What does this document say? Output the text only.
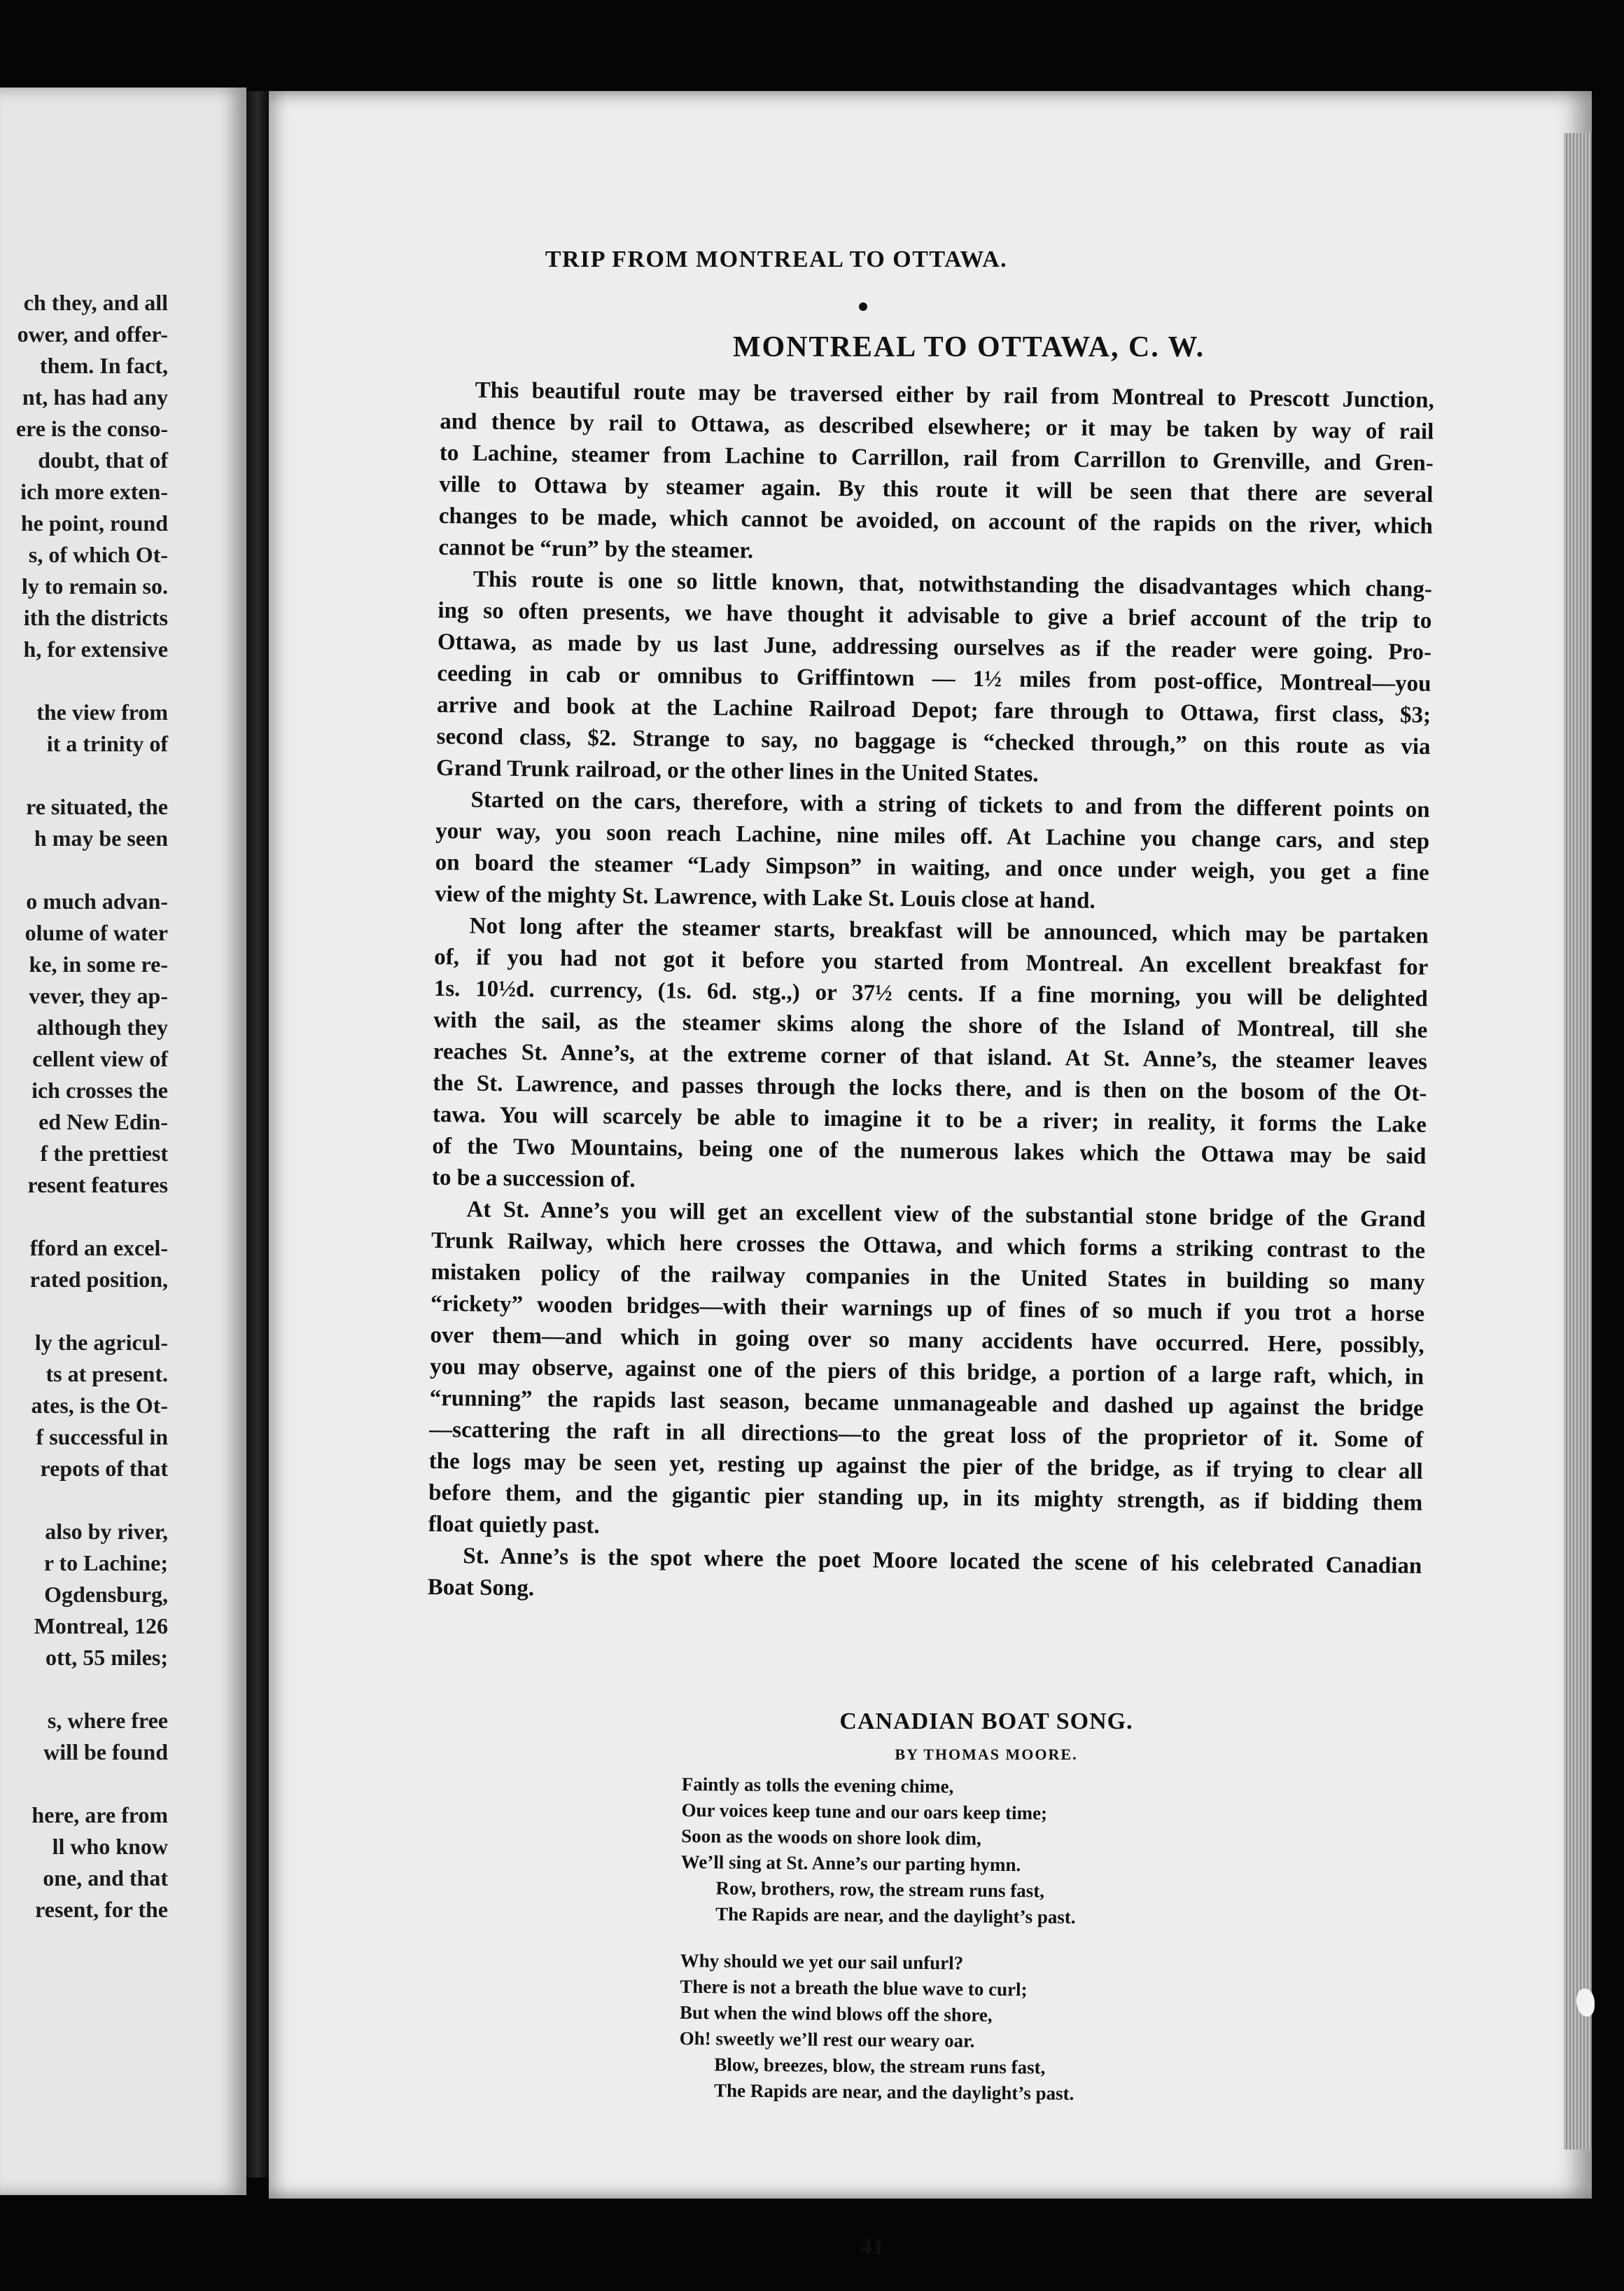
ch they, and all
ower, and offer-
them. In fact,
nt, has had any
ere is the conso-
doubt, that of
ich more exten-
he point, round
s, of which Ot-
ly to remain so.
ith the districts
h, for extensive
the view from
it a trinity of
re situated, the
h may be seen
o much advan-
olume of water
ke, in some re-
vever, they ap-
although they
cellent view of
ich crosses the
ed New Edin-
f the prettiest
resent features
fford an excel-
rated position,
ly the agricul-
ts at present.
ates, is the Ot-
f successful in
repots of that
also by river,
r to Lachine;
Ogdensburg,
Montreal, 126
ott, 55 miles;
s, where free
will be found
here, are from
ll who know
one, and that
resent, for the
TRIP FROM MONTREAL TO OTTAWA.
MONTREAL TO OTTAWA, C. W.
This beautiful route may be traversed either by rail from Montreal to Prescott Junction,
and thence by rail to Ottawa, as described elsewhere; or it may be taken by way of rail
to Lachine, steamer from Lachine to Carrillon, rail from Carrillon to Grenville, and Gren-
ville to Ottawa by steamer again. By this route it will be seen that there are several
changes to be made, which cannot be avoided, on account of the rapids on the river, which
cannot be “run” by the steamer.
This route is one so little known, that, notwithstanding the disadvantages which chang-
ing so often presents, we have thought it advisable to give a brief account of the trip to
Ottawa, as made by us last June, addressing ourselves as if the reader were going. Pro-
ceeding in cab or omnibus to Griffintown — 1½ miles from post-office, Montreal—you
arrive and book at the Lachine Railroad Depot; fare through to Ottawa, first class, $3;
second class, $2. Strange to say, no baggage is “checked through,” on this route as via
Grand Trunk railroad, or the other lines in the United States.
Started on the cars, therefore, with a string of tickets to and from the different points on
your way, you soon reach Lachine, nine miles off. At Lachine you change cars, and step
on board the steamer “Lady Simpson” in waiting, and once under weigh, you get a fine
view of the mighty St. Lawrence, with Lake St. Louis close at hand.
Not long after the steamer starts, breakfast will be announced, which may be partaken
of, if you had not got it before you started from Montreal. An excellent breakfast for
1s. 10½d. currency, (1s. 6d. stg.,) or 37½ cents. If a fine morning, you will be delighted
with the sail, as the steamer skims along the shore of the Island of Montreal, till she
reaches St. Anne’s, at the extreme corner of that island. At St. Anne’s, the steamer leaves
the St. Lawrence, and passes through the locks there, and is then on the bosom of the Ot-
tawa. You will scarcely be able to imagine it to be a river; in reality, it forms the Lake
of the Two Mountains, being one of the numerous lakes which the Ottawa may be said
to be a succession of.
At St. Anne’s you will get an excellent view of the substantial stone bridge of the Grand
Trunk Railway, which here crosses the Ottawa, and which forms a striking contrast to the
mistaken policy of the railway companies in the United States in building so many
“rickety” wooden bridges—with their warnings up of fines of so much if you trot a horse
over them—and which in going over so many accidents have occurred. Here, possibly,
you may observe, against one of the piers of this bridge, a portion of a large raft, which, in
“running” the rapids last season, became unmanageable and dashed up against the bridge
—scattering the raft in all directions—to the great loss of the proprietor of it. Some of
the logs may be seen yet, resting up against the pier of the bridge, as if trying to clear all
before them, and the gigantic pier standing up, in its mighty strength, as if bidding them
float quietly past.
St. Anne’s is the spot where the poet Moore located the scene of his celebrated Canadian
Boat Song.
CANADIAN BOAT SONG.
BY THOMAS MOORE.
Faintly as tolls the evening chime,
Our voices keep tune and our oars keep time;
Soon as the woods on shore look dim,
We’ll sing at St. Anne’s our parting hymn.
Row, brothers, row, the stream runs fast,
The Rapids are near, and the daylight’s past.
Why should we yet our sail unfurl?
There is not a breath the blue wave to curl;
But when the wind blows off the shore,
Oh! sweetly we’ll rest our weary oar.
Blow, breezes, blow, the stream runs fast,
The Rapids are near, and the daylight’s past.
41
